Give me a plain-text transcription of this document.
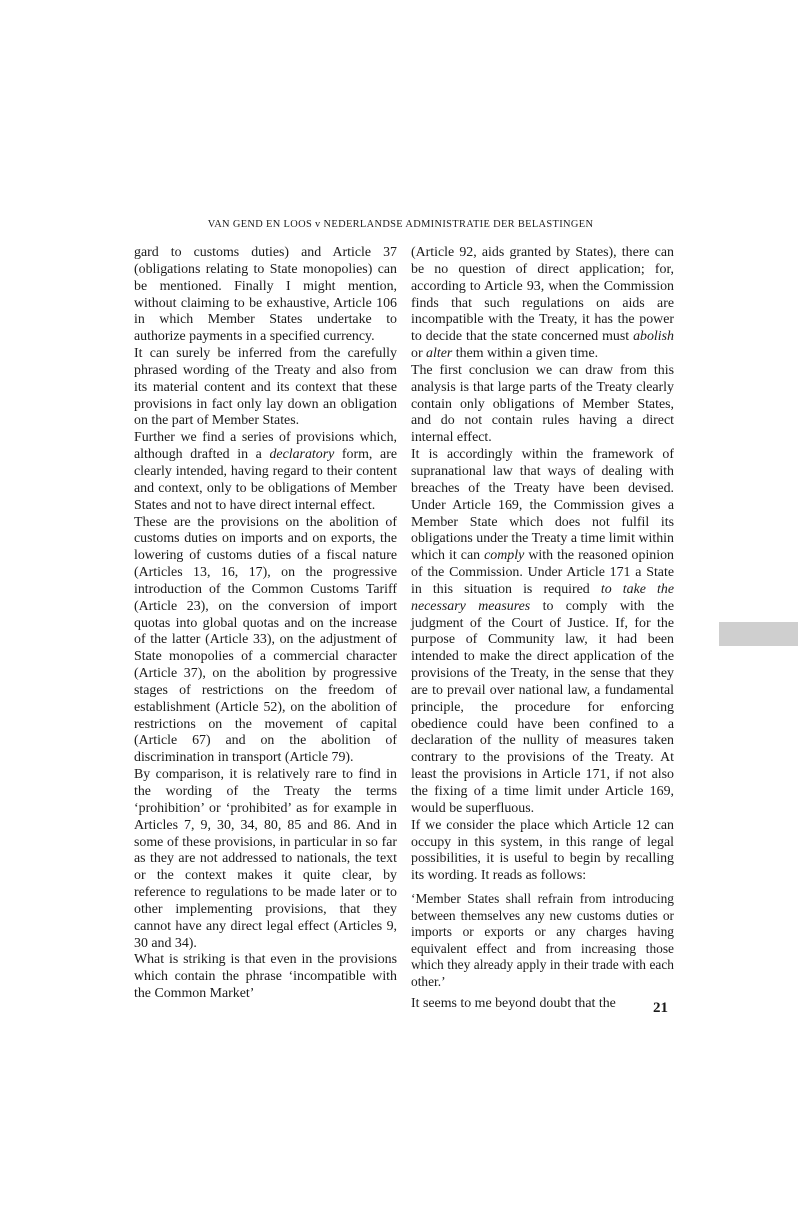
VAN GEND EN LOOS v NEDERLANDSE ADMINISTRATIE DER BELASTINGEN

gard to customs duties) and Article 37 (obligations relating to State monopolies) can be mentioned. Finally I might mention, without claiming to be exhaustive, Article 106 in which Member States undertake to authorize payments in a specified currency.

It can surely be inferred from the carefully phrased wording of the Treaty and also from its material content and its context that these provisions in fact only lay down an obligation on the part of Member States.

Further we find a series of provisions which, although drafted in a declaratory form, are clearly intended, having regard to their content and context, only to be obligations of Member States and not to have direct internal effect.

These are the provisions on the abolition of customs duties on imports and on exports, the lowering of customs duties of a fiscal nature (Articles 13, 16, 17), on the progressive introduction of the Common Customs Tariff (Article 23), on the conversion of import quotas into global quotas and on the increase of the latter (Article 33), on the adjustment of State monopolies of a commercial character (Article 37), on the abolition by progressive stages of restrictions on the freedom of establishment (Article 52), on the abolition of restrictions on the movement of capital (Article 67) and on the abolition of discrimination in transport (Article 79).

By comparison, it is relatively rare to find in the wording of the Treaty the terms ‘prohibition’ or ‘prohibited’ as for example in Articles 7, 9, 30, 34, 80, 85 and 86. And in some of these provisions, in particular in so far as they are not addressed to nationals, the text or the context makes it quite clear, by reference to regulations to be made later or to other implementing provisions, that they cannot have any direct legal effect (Articles 9, 30 and 34).

What is striking is that even in the provisions which contain the phrase ‘incompatible with the Common Market’

(Article 92, aids granted by States), there can be no question of direct application; for, according to Article 93, when the Commission finds that such regulations on aids are incompatible with the Treaty, it has the power to decide that the state concerned must abolish or alter them within a given time.

The first conclusion we can draw from this analysis is that large parts of the Treaty clearly contain only obligations of Member States, and do not contain rules having a direct internal effect.

It is accordingly within the framework of supranational law that ways of dealing with breaches of the Treaty have been devised. Under Article 169, the Commission gives a Member State which does not fulfil its obligations under the Treaty a time limit within which it can comply with the reasoned opinion of the Commission. Under Article 171 a State in this situation is required to take the necessary measures to comply with the judgment of the Court of Justice. If, for the purpose of Community law, it had been intended to make the direct application of the provisions of the Treaty, in the sense that they are to prevail over national law, a fundamental principle, the procedure for enforcing obedience could have been confined to a declaration of the nullity of measures taken contrary to the provisions of the Treaty. At least the provisions in Article 171, if not also the fixing of a time limit under Article 169, would be superfluous.

If we consider the place which Article 12 can occupy in this system, in this range of legal possibilities, it is useful to begin by recalling its wording. It reads as follows:

‘Member States shall refrain from introducing between themselves any new customs duties or imports or exports or any charges having equivalent effect and from increasing those which they already apply in their trade with each other.’

It seems to me beyond doubt that the	21
